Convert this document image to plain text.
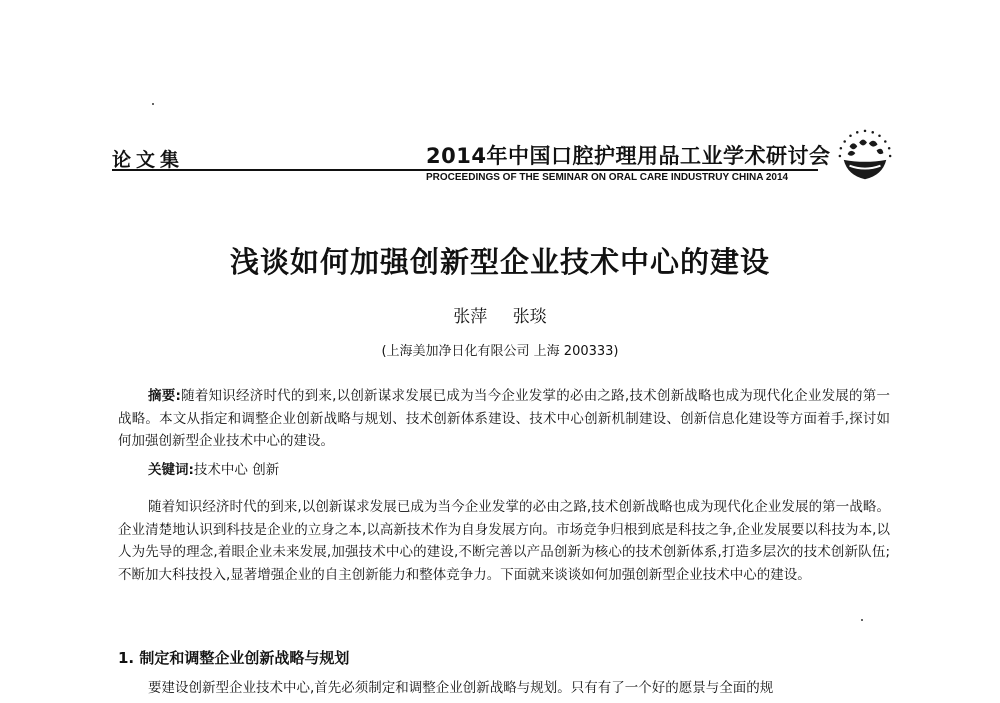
论文集	2014年中国口腔护理用品工业学术研讨会
PROCEEDINGS OF THE SEMINAR ON ORAL CARE INDUSTRUY CHINA 2014
浅谈如何加强创新型企业技术中心的建设
张萍 张琰
(上海美加净日化有限公司 上海 200333)
摘要:随着知识经济时代的到来,以创新谋求发展已成为当今企业发掌的必由之路,技术创新战略也成为现代化企业发展的第一战略。本文从指定和调整企业创新战略与规划、技术创新体系建设、技术中心创新机制建设、创新信息化建设等方面着手,探讨如何加强创新型企业技术中心的建设。
关键词:技术中心 创新
随着知识经济时代的到来,以创新谋求发展已成为当今企业发掌的必由之路,技术创新战略也成为现代化企业发展的第一战略。企业清楚地认识到科技是企业的立身之本,以高新技术作为自身发展方向。市场竞争归根到底是科技之争,企业发展要以科技为本,以人为先导的理念,着眼企业未来发展,加强技术中心的建设,不断完善以产品创新为核心的技术创新体系,打造多层次的技术创新队伍;不断加大科技投入,显著增强企业的自主创新能力和整体竞争力。下面就来谈谈如何加强创新型企业技术中心的建设。
1. 制定和调整企业创新战略与规划
要建设创新型企业技术中心,首先必须制定和调整企业创新战略与规划。只有有了一个好的愿景与全面的规
